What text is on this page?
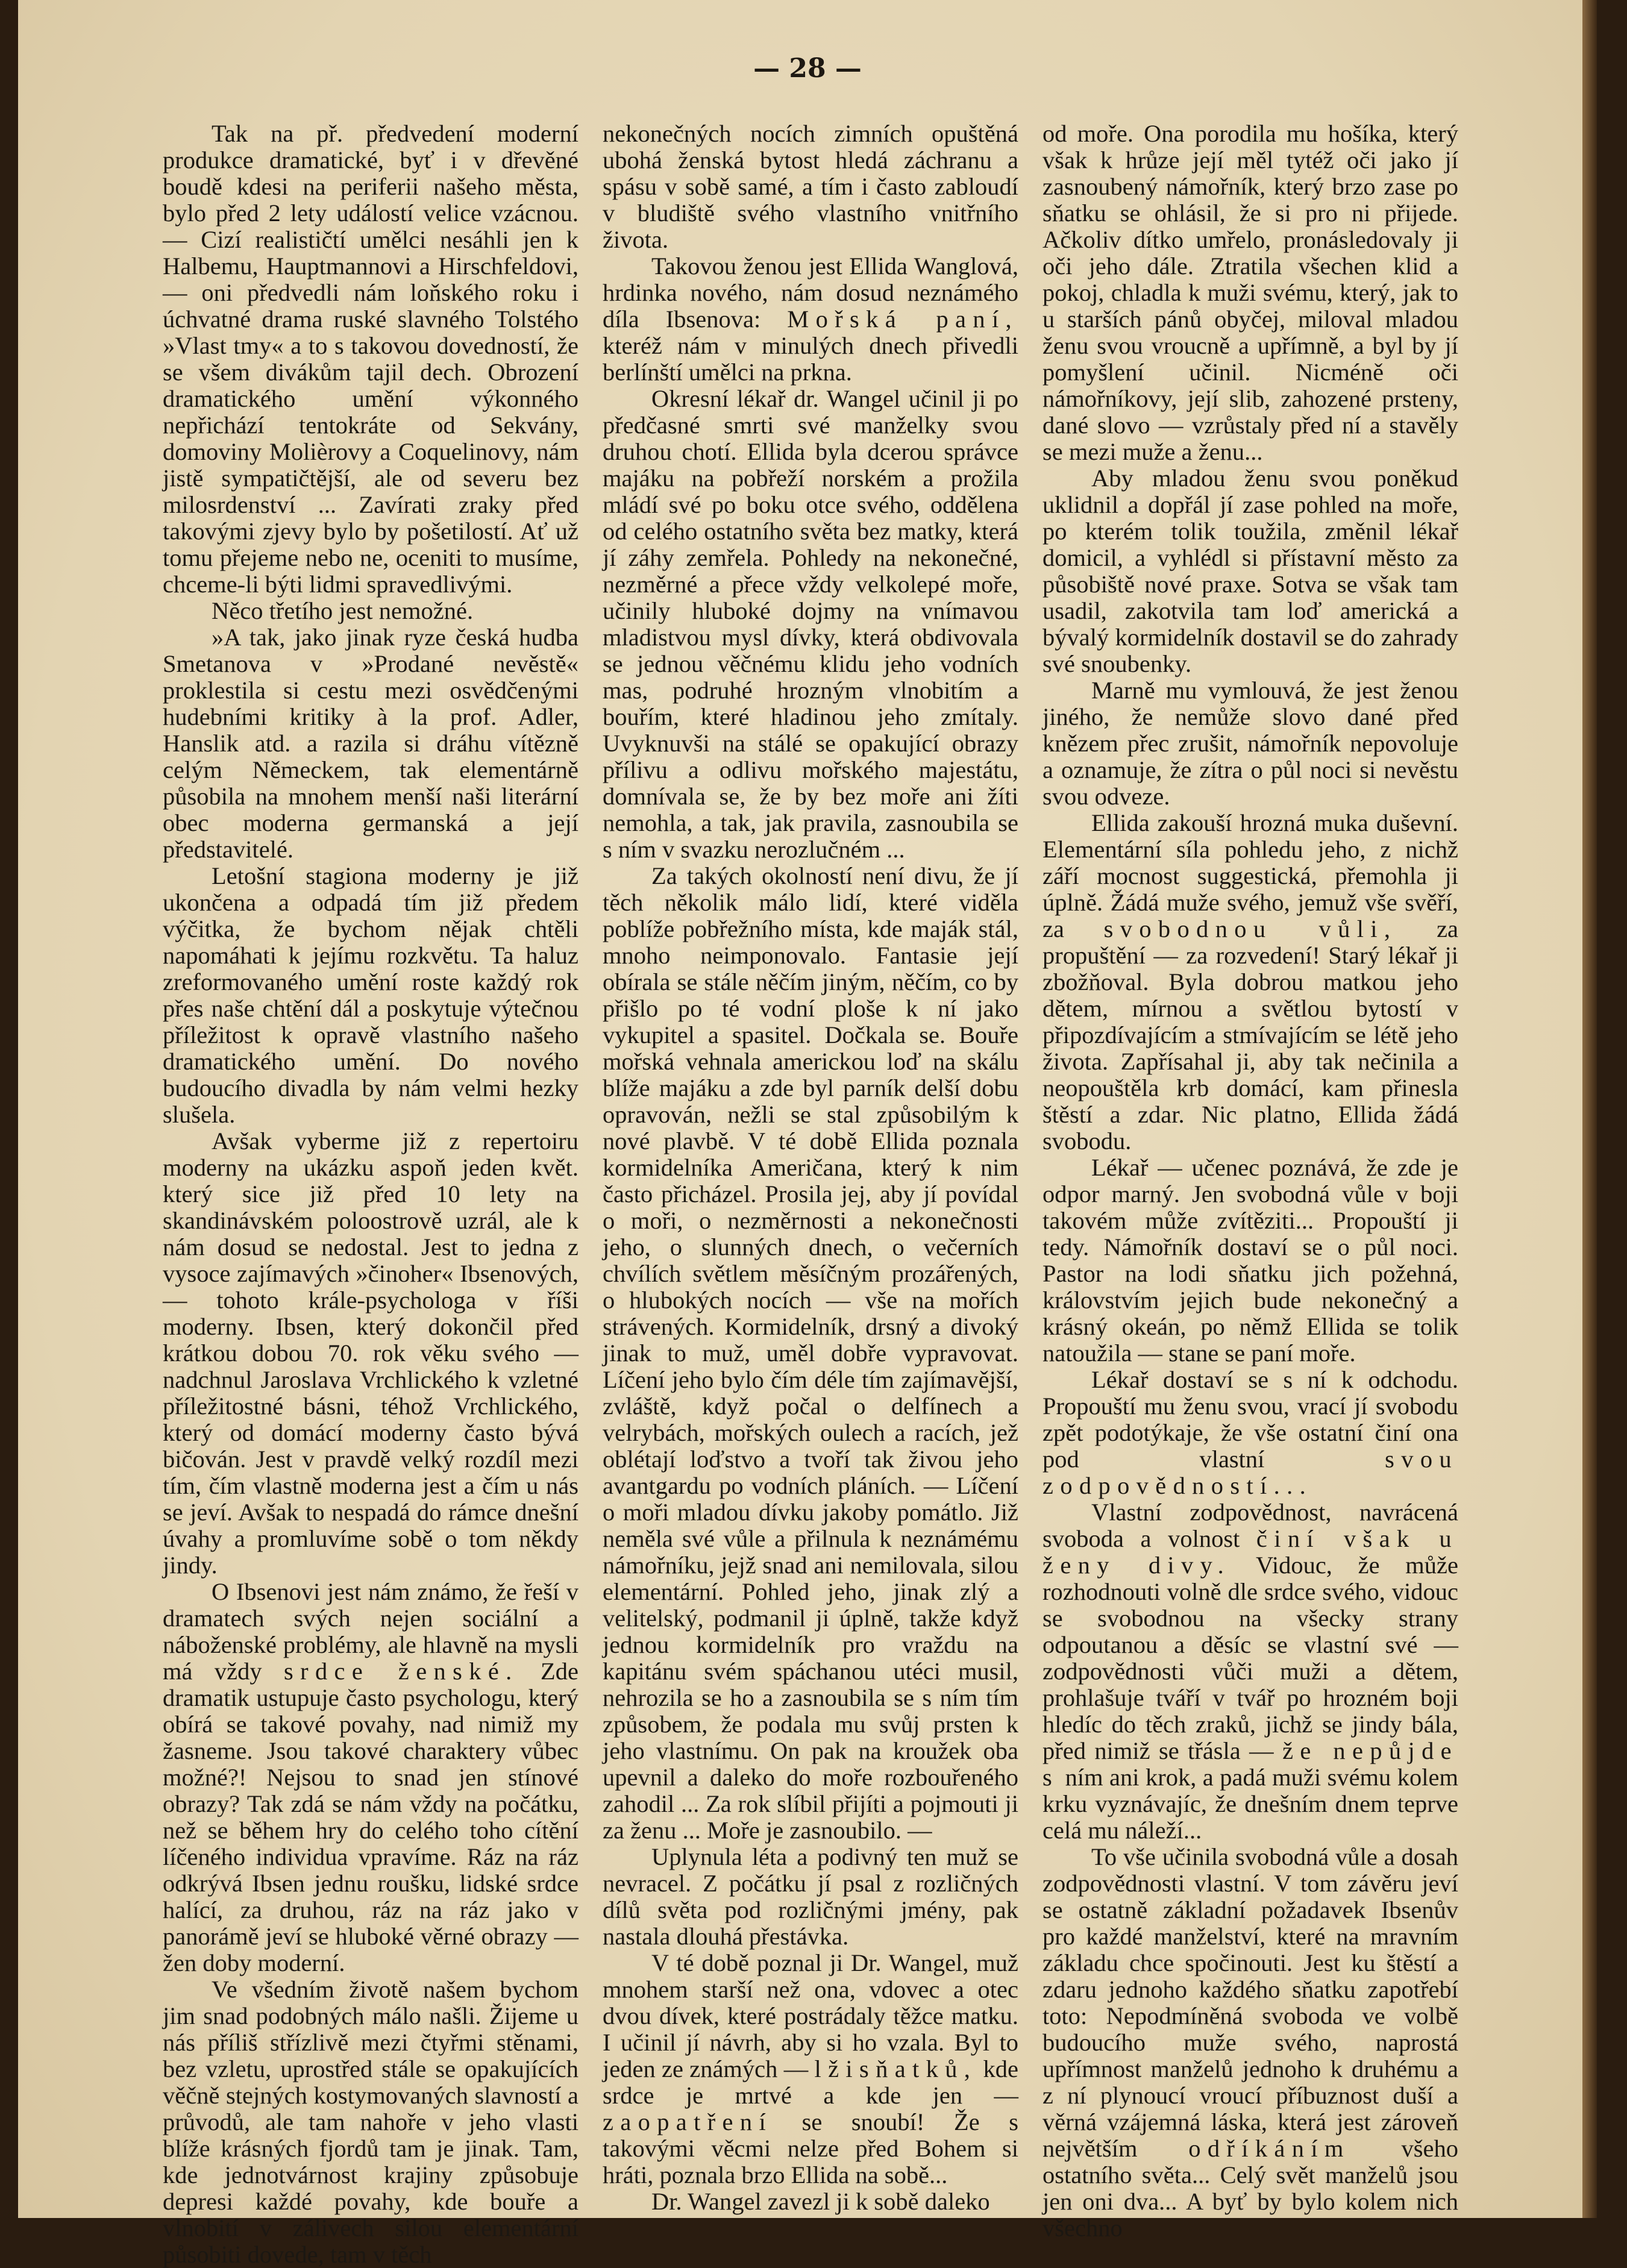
— 28 —

Tak na př. předvedení moderní produkce dramatické, byť i v dřevěné boudě kdesi na periferii našeho města, bylo před 2 lety událostí velice vzácnou. — Cizí realističtí umělci nesáhli jen k Halbemu, Hauptmannovi a Hirschfeldovi, — oni předvedli nám loňského roku i úchvatné drama ruské slavného Tolstého »Vlast tmy« a to s takovou dovedností, že se všem divákům tajil dech. Obrození dramatického umění výkonného nepřichází tentokráte od Sekvány, domoviny Molièrovy a Coquelinovy, nám jistě sympatičtější, ale od severu bez milosrdenství ... Zavírati zraky před takovými zjevy bylo by pošetilostí. Ať už tomu přejeme nebo ne, oceniti to musíme, chceme-li býti lidmi spravedlivými.

Něco třetího jest nemožné.

»A tak, jako jinak ryze česká hudba Smetanova v »Prodané nevěstě« proklestila si cestu mezi osvědčenými hudebními kritiky à la prof. Adler, Hanslik atd. a razila si dráhu vítězně celým Německem, tak elementárně působila na mnohem menší naši literární obec moderna germanská a její představitelé.

Letošní stagiona moderny je již ukončena a odpadá tím již předem výčitka, že bychom nějak chtěli napomáhati k jejímu rozkvětu. Ta haluz zreformovaného umění roste každý rok přes naše chtění dál a poskytuje výtečnou příležitost k opravě vlastního našeho dramatického umění. Do nového budoucího divadla by nám velmi hezky slušela.

Avšak vyberme již z repertoiru moderny na ukázku aspoň jeden květ. který sice již před 10 lety na skandinávském poloostrově uzrál, ale k nám dosud se nedostal. Jest to jedna z vysoce zajímavých »činoher« Ibsenových, — tohoto krále-psychologa v říši moderny. Ibsen, který dokončil před krátkou dobou 70. rok věku svého — nadchnul Jaroslava Vrchlického k vzletné příležitostné básni, téhož Vrchlického, který od domácí moderny často bývá bičován. Jest v pravdě velký rozdíl mezi tím, čím vlastně moderna jest a čím u nás se jeví. Avšak to nespadá do rámce dnešní úvahy a promluvíme sobě o tom někdy jindy.

O Ibsenovi jest nám známo, že řeší v dramatech svých nejen sociální a náboženské problémy, ale hlavně na mysli má vždy srdce ženské. Zde dramatik ustupuje často psychologu, který obírá se takové povahy, nad nimiž my žasneme. Jsou takové charaktery vůbec možné?! Nejsou to snad jen stínové obrazy? Tak zdá se nám vždy na počátku, než se během hry do celého toho cítění líčeného individua vpravíme. Ráz na ráz odkrývá Ibsen jednu roušku, lidské srdce halící, za druhou, ráz na ráz jako v panorámě jeví se hluboké věrné obrazy — žen doby moderní.

Ve všedním životě našem bychom jim snad podobných málo našli. Žijeme u nás příliš střízlivě mezi čtyřmi stěnami, bez vzletu, uprostřed stále se opakujících věčně stejných kostymovaných slavností a průvodů, ale tam nahoře v jeho vlasti blíže krásných fjordů tam je jinak. Tam, kde jednotvárnost krajiny způsobuje depresi každé povahy, kde bouře a vlnobití v zálivech silou elementární působiti dovede, tam v těch

nekonečných nocích zimních opuštěná ubohá ženská bytost hledá záchranu a spásu v sobě samé, a tím i často zabloudí v bludiště svého vlastního vnitřního života.

Takovou ženou jest Ellida Wanglová, hrdinka nového, nám dosud neznámého díla Ibsenova: Mořská paní, kteréž nám v minulých dnech přivedli berlínští umělci na prkna.

Okresní lékař dr. Wangel učinil ji po předčasné smrti své manželky svou druhou chotí. Ellida byla dcerou správce majáku na pobřeží norském a prožila mládí své po boku otce svého, oddělena od celého ostatního světa bez matky, která jí záhy zemřela. Pohledy na nekonečné, nezměrné a přece vždy velkolepé moře, učinily hluboké dojmy na vnímavou mladistvou mysl dívky, která obdivovala se jednou věčnému klidu jeho vodních mas, podruhé hrozným vlnobitím a bouřím, které hladinou jeho zmítaly. Uvyknuvši na stálé se opakující obrazy přílivu a odlivu mořského majestátu, domnívala se, že by bez moře ani žíti nemohla, a tak, jak pravila, zasnoubila se s ním v svazku nerozlučném ...

Za takých okolností není divu, že jí těch několik málo lidí, které viděla poblíže pobřežního místa, kde maják stál, mnoho neimponovalo. Fantasie její obírala se stále něčím jiným, něčím, co by přišlo po té vodní ploše k ní jako vykupitel a spasitel. Dočkala se. Bouře mořská vehnala americkou loď na skálu blíže majáku a zde byl parník delší dobu opravován, nežli se stal způsobilým k nové plavbě. V té době Ellida poznala kormidelníka Američana, který k nim často přicházel. Prosila jej, aby jí povídal o moři, o nezměrnosti a nekonečnosti jeho, o slunných dnech, o večerních chvílích světlem měsíčným prozářených, o hlubokých nocích — vše na mořích strávených. Kormidelník, drsný a divoký jinak to muž, uměl dobře vypravovat. Líčení jeho bylo čím déle tím zajímavější, zvláště, když počal o delfínech a velrybách, mořských oulech a racích, jež oblétají loďstvo a tvoří tak živou jeho avantgardu po vodních pláních. — Líčení o moři mladou dívku jakoby pomátlo. Již neměla své vůle a přilnula k neznámému námořníku, jejž snad ani nemilovala, silou elementární. Pohled jeho, jinak zlý a velitelský, podmanil ji úplně, takže když jednou kormidelník pro vraždu na kapitánu svém spáchanou utéci musil, nehrozila se ho a zasnoubila se s ním tím způsobem, že podala mu svůj prsten k jeho vlastnímu. On pak na kroužek oba upevnil a daleko do moře rozbouřeného zahodil ... Za rok slíbil přijíti a pojmouti ji za ženu ... Moře je zasnoubilo. —

Uplynula léta a podivný ten muž se nevracel. Z počátku jí psal z rozličných dílů světa pod rozličnými jmény, pak nastala dlouhá přestávka.

V té době poznal ji Dr. Wangel, muž mnohem starší než ona, vdovec a otec dvou dívek, které postrádaly těžce matku. I učinil jí návrh, aby si ho vzala. Byl to jeden ze známých — lžisňatků, kde srdce je mrtvé a kde jen — zaopatření se snoubí! Že s takovými věcmi nelze před Bohem si hráti, poznala brzo Ellida na sobě...

Dr. Wangel zavezl ji k sobě daleko

od moře. Ona porodila mu hošíka, který však k hrůze její měl tytéž oči jako jí zasnoubený námořník, který brzo zase po sňatku se ohlásil, že si pro ni přijede. Ačkoliv dítko umřelo, pronásledovaly ji oči jeho dále. Ztratila všechen klid a pokoj, chladla k muži svému, který, jak to u starších pánů obyčej, miloval mladou ženu svou vroucně a upřímně, a byl by jí pomyšlení učinil. Nicméně oči námořníkovy, její slib, zahozené prsteny, dané slovo — vzrůstaly před ní a stavěly se mezi muže a ženu...

Aby mladou ženu svou poněkud uklidnil a dopřál jí zase pohled na moře, po kterém tolik toužila, změnil lékař domicil, a vyhlédl si přístavní město za působiště nové praxe. Sotva se však tam usadil, zakotvila tam loď americká a bývalý kormidelník dostavil se do zahrady své snoubenky.

Marně mu vymlouvá, že jest ženou jiného, že nemůže slovo dané před knězem přec zrušit, námořník nepovoluje a oznamuje, že zítra o půl noci si nevěstu svou odveze.

Ellida zakouší hrozná muka duševní. Elementární síla pohledu jeho, z nichž září mocnost suggestická, přemohla ji úplně. Žádá muže svého, jemuž vše svěří, za svobodnou vůli, za propuštění — za rozvedení! Starý lékař ji zbožňoval. Byla dobrou matkou jeho dětem, mírnou a světlou bytostí v připozdívajícím a stmívajícím se létě jeho života. Zapřísahal ji, aby tak nečinila a neopouštěla krb domácí, kam přinesla štěstí a zdar. Nic platno, Ellida žádá svobodu.

Lékař — učenec poznává, že zde je odpor marný. Jen svobodná vůle v boji takovém může zvítěziti... Propouští ji tedy. Námořník dostaví se o půl noci. Pastor na lodi sňatku jich požehná, královstvím jejich bude nekonečný a krásný okeán, po němž Ellida se tolik natoužila — stane se paní moře.

Lékař dostaví se s ní k odchodu. Propouští mu ženu svou, vrací jí svobodu zpět podotýkaje, že vše ostatní činí ona pod vlastní	svou zodpovědností...

Vlastní zodpovědnost, navrácená svoboda a volnost činí však u ženy divy. Vidouc, že může rozhodnouti volně dle srdce svého, vidouc se svobodnou na všecky strany odpoutanou a děsíc se vlastní své — zodpovědnosti vůči muži a dětem, prohlašuje tváří v tvář po hrozném boji hledíc do těch zraků, jichž se jindy bála, před nimiž se třásla — že nepůjde s ním ani krok, a padá muži svému kolem krku vyznávajíc, že dnešním dnem teprve celá mu náleží...

To vše učinila svobodná vůle a dosah zodpovědnosti vlastní. V tom závěru jeví se ostatně základní požadavek Ibsenův pro každé manželství, které na mravním základu chce spočinouti. Jest ku štěstí a zdaru jednoho každého sňatku zapotřebí toto: Nepodmíněná svoboda ve volbě budoucího muže svého, naprostá upřímnost manželů jednoho k druhému a z ní plynoucí vroucí příbuznost duší a věrná vzájemná láska, která jest zároveň největším odříkáním všeho ostatního světa... Celý svět manželů jsou jen oni dva... A byť by bylo kolem nich všechno
